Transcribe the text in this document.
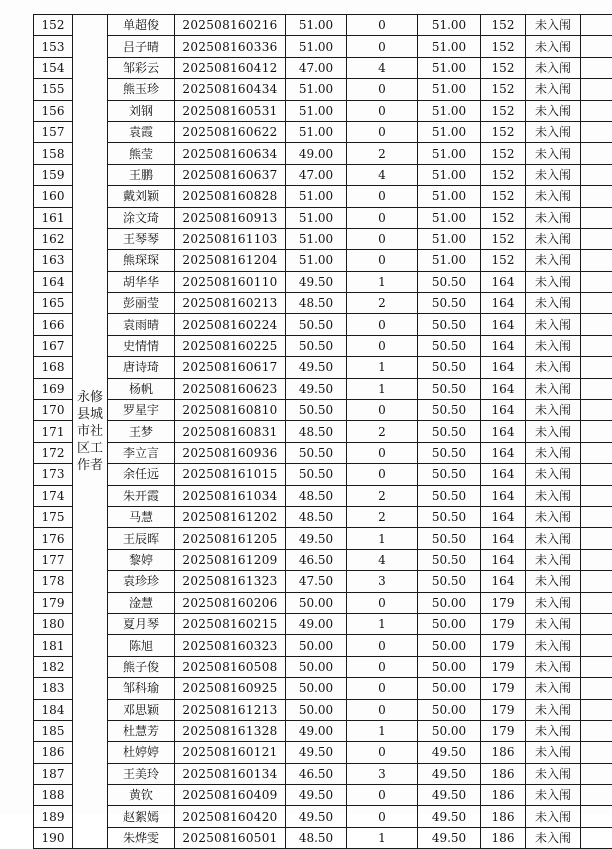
152	永修县城市社区工作者	单超俊	202508160216	51.00	0	51.00	152	未入闱	
153		吕子晴	202508160336	51.00	0	51.00	152	未入闱	
154		邹彩云	202508160412	47.00	4	51.00	152	未入闱	
155		熊玉珍	202508160434	51.00	0	51.00	152	未入闱	
156		刘钢	202508160531	51.00	0	51.00	152	未入闱	
157		袁霞	202508160622	51.00	0	51.00	152	未入闱	
158		熊莹	202508160634	49.00	2	51.00	152	未入闱	
159		王鹏	202508160637	47.00	4	51.00	152	未入闱	
160		戴刘颖	202508160828	51.00	0	51.00	152	未入闱	
161		涂文琦	202508160913	51.00	0	51.00	152	未入闱	
162		王琴琴	202508161103	51.00	0	51.00	152	未入闱	
163		熊琛琛	202508161204	51.00	0	51.00	152	未入闱	
164		胡华华	202508160110	49.50	1	50.50	164	未入闱	
165		彭丽莹	202508160213	48.50	2	50.50	164	未入闱	
166		袁雨晴	202508160224	50.50	0	50.50	164	未入闱	
167		史情情	202508160225	50.50	0	50.50	164	未入闱	
168		唐诗琦	202508160617	49.50	1	50.50	164	未入闱	
169		杨帆	202508160623	49.50	1	50.50	164	未入闱	
170		罗星宇	202508160810	50.50	0	50.50	164	未入闱	
171		王梦	202508160831	48.50	2	50.50	164	未入闱	
172		李立言	202508160936	50.50	0	50.50	164	未入闱	
173		余任远	202508161015	50.50	0	50.50	164	未入闱	
174		朱开霞	202508161034	48.50	2	50.50	164	未入闱	
175		马慧	202508161202	48.50	2	50.50	164	未入闱	
176		王辰晖	202508161205	49.50	1	50.50	164	未入闱	
177		黎婷	202508161209	46.50	4	50.50	164	未入闱	
178		袁珍珍	202508161323	47.50	3	50.50	164	未入闱	
179		淦慧	202508160206	50.00	0	50.00	179	未入闱	
180		夏月琴	202508160215	49.00	1	50.00	179	未入闱	
181		陈旭	202508160323	50.00	0	50.00	179	未入闱	
182		熊子俊	202508160508	50.00	0	50.00	179	未入闱	
183		邹科瑜	202508160925	50.00	0	50.00	179	未入闱	
184		邓思颖	202508161213	50.00	0	50.00	179	未入闱	
185		杜慧芳	202508161328	49.00	1	50.00	179	未入闱	
186		杜婷婷	202508160121	49.50	0	49.50	186	未入闱	
187		王美玲	202508160134	46.50	3	49.50	186	未入闱	
188		黄钦	202508160409	49.50	0	49.50	186	未入闱	
189		赵絮嫣	202508160420	49.50	0	49.50	186	未入闱	
190		朱烨雯	202508160501	48.50	1	49.50	186	未入闱	
